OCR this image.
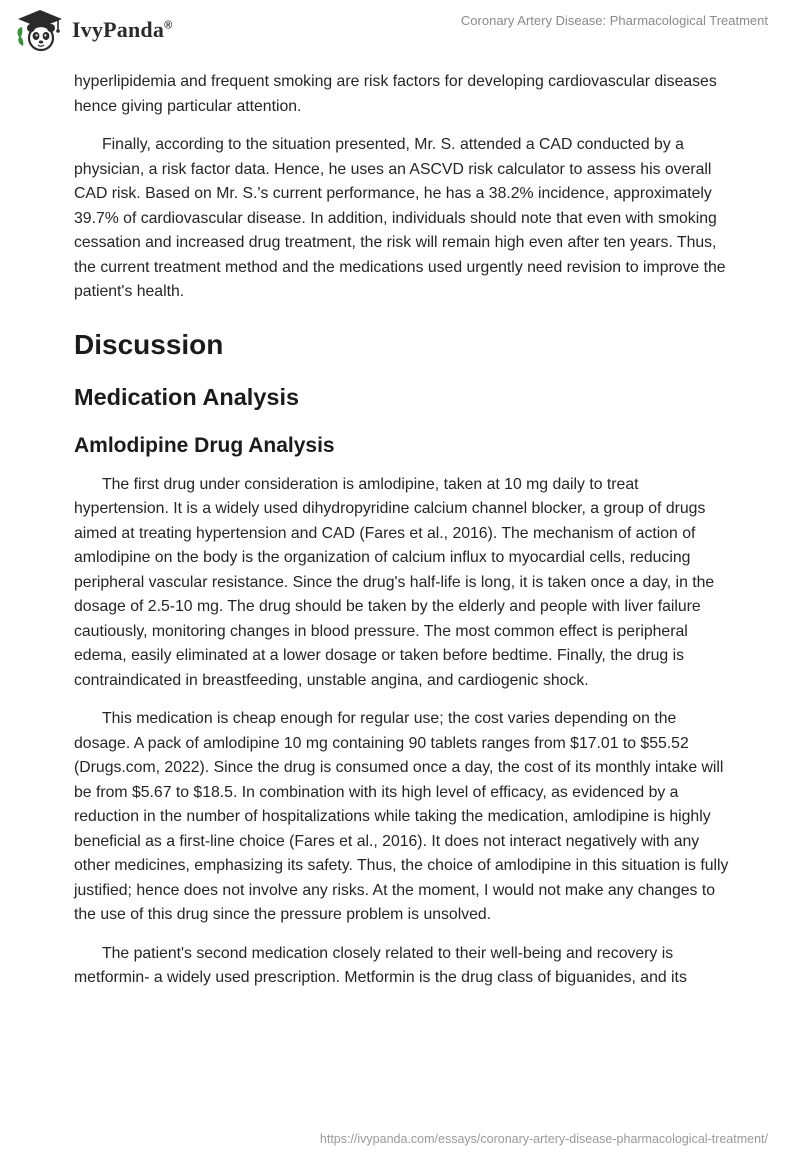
IvyPanda®	Coronary Artery Disease: Pharmacological Treatment

hyperlipidemia and frequent smoking are risk factors for developing cardiovascular diseases hence giving particular attention.

Finally, according to the situation presented, Mr. S. attended a CAD conducted by a physician, a risk factor data. Hence, he uses an ASCVD risk calculator to assess his overall CAD risk. Based on Mr. S.'s current performance, he has a 38.2% incidence, approximately 39.7% of cardiovascular disease. In addition, individuals should note that even with smoking cessation and increased drug treatment, the risk will remain high even after ten years. Thus, the current treatment method and the medications used urgently need revision to improve the patient's health.

Discussion
Medication Analysis
Amlodipine Drug Analysis

The first drug under consideration is amlodipine, taken at 10 mg daily to treat hypertension. It is a widely used dihydropyridine calcium channel blocker, a group of drugs aimed at treating hypertension and CAD (Fares et al., 2016). The mechanism of action of amlodipine on the body is the organization of calcium influx to myocardial cells, reducing peripheral vascular resistance. Since the drug's half-life is long, it is taken once a day, in the dosage of 2.5-10 mg. The drug should be taken by the elderly and people with liver failure cautiously, monitoring changes in blood pressure. The most common effect is peripheral edema, easily eliminated at a lower dosage or taken before bedtime. Finally, the drug is contraindicated in breastfeeding, unstable angina, and cardiogenic shock.

This medication is cheap enough for regular use; the cost varies depending on the dosage. A pack of amlodipine 10 mg containing 90 tablets ranges from $17.01 to $55.52 (Drugs.com, 2022). Since the drug is consumed once a day, the cost of its monthly intake will be from $5.67 to $18.5. In combination with its high level of efficacy, as evidenced by a reduction in the number of hospitalizations while taking the medication, amlodipine is highly beneficial as a first-line choice (Fares et al., 2016). It does not interact negatively with any other medicines, emphasizing its safety. Thus, the choice of amlodipine in this situation is fully justified; hence does not involve any risks. At the moment, I would not make any changes to the use of this drug since the pressure problem is unsolved.

The patient's second medication closely related to their well-being and recovery is metformin- a widely used prescription. Metformin is the drug class of biguanides, and its

https://ivypanda.com/essays/coronary-artery-disease-pharmacological-treatment/
